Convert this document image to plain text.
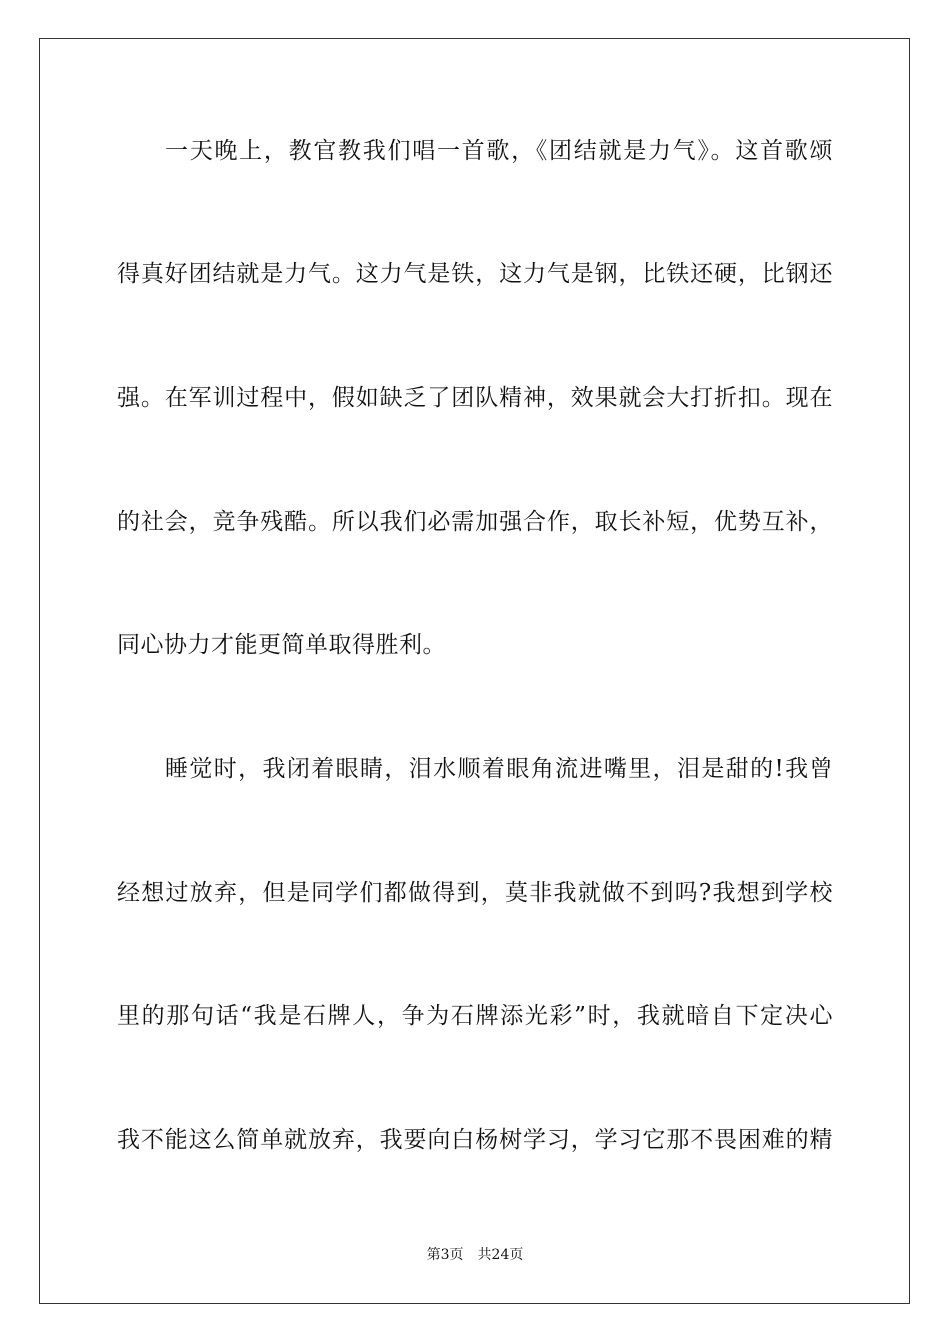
一天晚上，教官教我们唱一首歌，《团结就是力气》。这首歌颂
得真好团结就是力气。这力气是铁，这力气是钢，比铁还硬，比钢还
强。在军训过程中，假如缺乏了团队精神，效果就会大打折扣。现在
的社会，竞争残酷。所以我们必需加强合作，取长补短，优势互补，
同心协力才能更简单取得胜利。
睡觉时，我闭着眼睛，泪水顺着眼角流进嘴里，泪是甜的!我曾
经想过放弃，但是同学们都做得到，莫非我就做不到吗?我想到学校
里的那句话“我是石牌人，争为石牌添光彩”时，我就暗自下定决心
我不能这么简单就放弃，我要向白杨树学习，学习它那不畏困难的精
第3页 共24页
